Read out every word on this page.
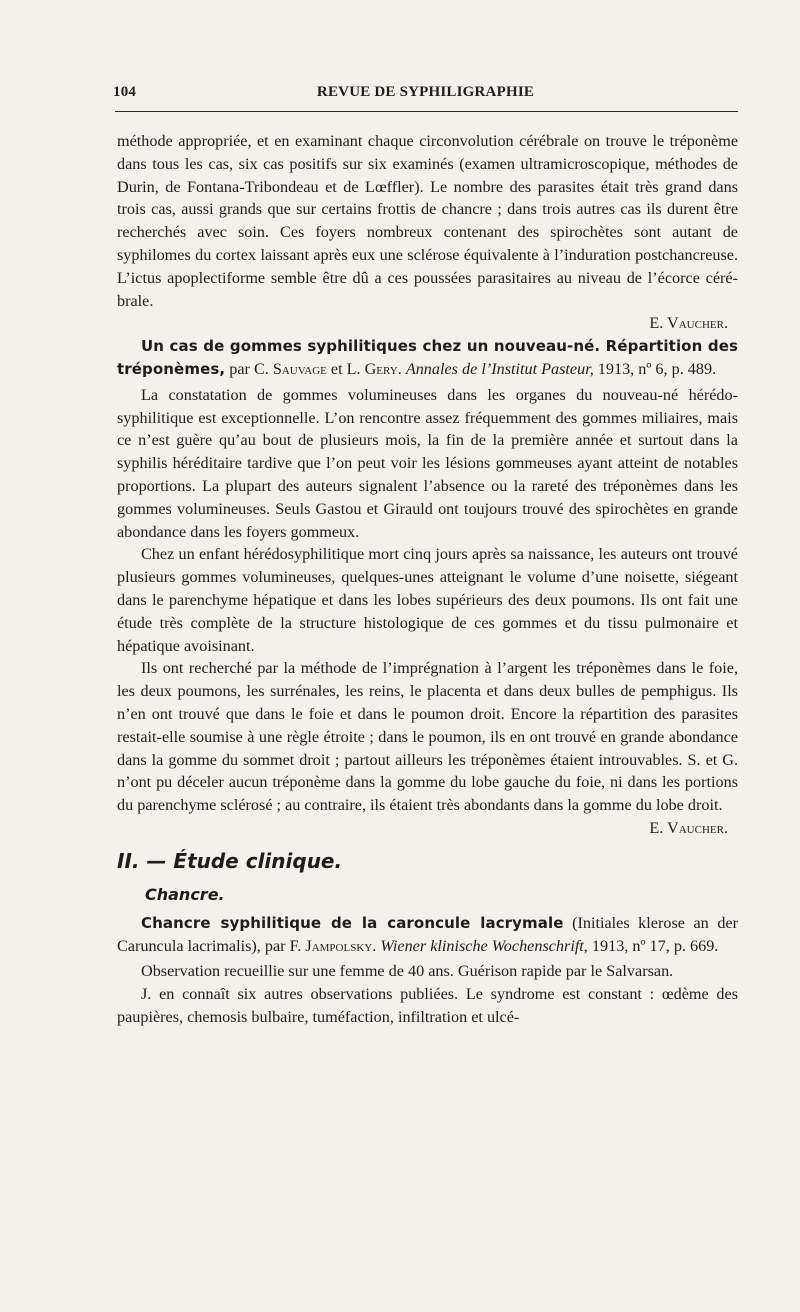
104	REVUE DE SYPHILIGRAPHIE

méthode appropriée, et en examinant chaque circonvolution cérébrale on trouve le tréponème dans tous les cas, six cas positifs sur six examinés (examen ultramicroscopique, méthodes de Durin, de Fontana-Tribondeau et de Lœffler). Le nombre des parasites était très grand dans trois cas, aussi grands que sur certains frottis de chancre ; dans trois autres cas ils durent être recherchés avec soin. Ces foyers nombreux contenant des spirochètes sont autant de syphilomes du cortex laissant après eux une sclérose équivalente à l’induration postchancreuse. L’ictus apoplectiforme semble être dû a ces poussées parasitaires au niveau de l’écorce céré-brale.

E. Vaucher.

Un cas de gommes syphilitiques chez un nouveau-né. Répartition des tréponèmes, par C. Sauvage et L. Gery. Annales de l’Institut Pasteur, 1913, nº 6, p. 489.

La constatation de gommes volumineuses dans les organes du nouveau-né hérédo-syphilitique est exceptionnelle. L’on rencontre assez fréquemment des gommes miliaires, mais ce n’est guère qu’au bout de plusieurs mois, la fin de la première année et surtout dans la syphilis héréditaire tardive que l’on peut voir les lésions gommeuses ayant atteint de notables proportions. La plupart des auteurs signalent l’absence ou la rareté des tréponèmes dans les gommes volumineuses. Seuls Gastou et Girauld ont toujours trouvé des spirochètes en grande abondance dans les foyers gommeux.

Chez un enfant hérédosyphilitique mort cinq jours après sa naissance, les auteurs ont trouvé plusieurs gommes volumineuses, quelques-unes atteignant le volume d’une noisette, siégeant dans le parenchyme hépatique et dans les lobes supérieurs des deux poumons. Ils ont fait une étude très complète de la structure histologique de ces gommes et du tissu pulmonaire et hépatique avoisinant.

Ils ont recherché par la méthode de l’imprégnation à l’argent les tréponèmes dans le foie, les deux poumons, les surrénales, les reins, le placenta et dans deux bulles de pemphigus. Ils n’en ont trouvé que dans le foie et dans le poumon droit. Encore la répartition des parasites restait-elle soumise à une règle étroite ; dans le poumon, ils en ont trouvé en grande abondance dans la gomme du sommet droit ; partout ailleurs les tréponèmes étaient introuvables. S. et G. n’ont pu déceler aucun tréponème dans la gomme du lobe gauche du foie, ni dans les portions du parenchyme sclérosé ; au contraire, ils étaient très abondants dans la gomme du lobe droit.

E. Vaucher.

II. — Étude clinique.
Chancre.

Chancre syphilitique de la caroncule lacrymale (Initiales klerose an der Caruncula lacrimalis), par F. Jampolsky. Wiener klinische Wochenschrift, 1913, nº 17, p. 669.

Observation recueillie sur une femme de 40 ans. Guérison rapide par le Salvarsan.

J. en connaît six autres observations publiées. Le syndrome est constant : œdème des paupières, chemosis bulbaire, tuméfaction, infiltration et ulcé-
